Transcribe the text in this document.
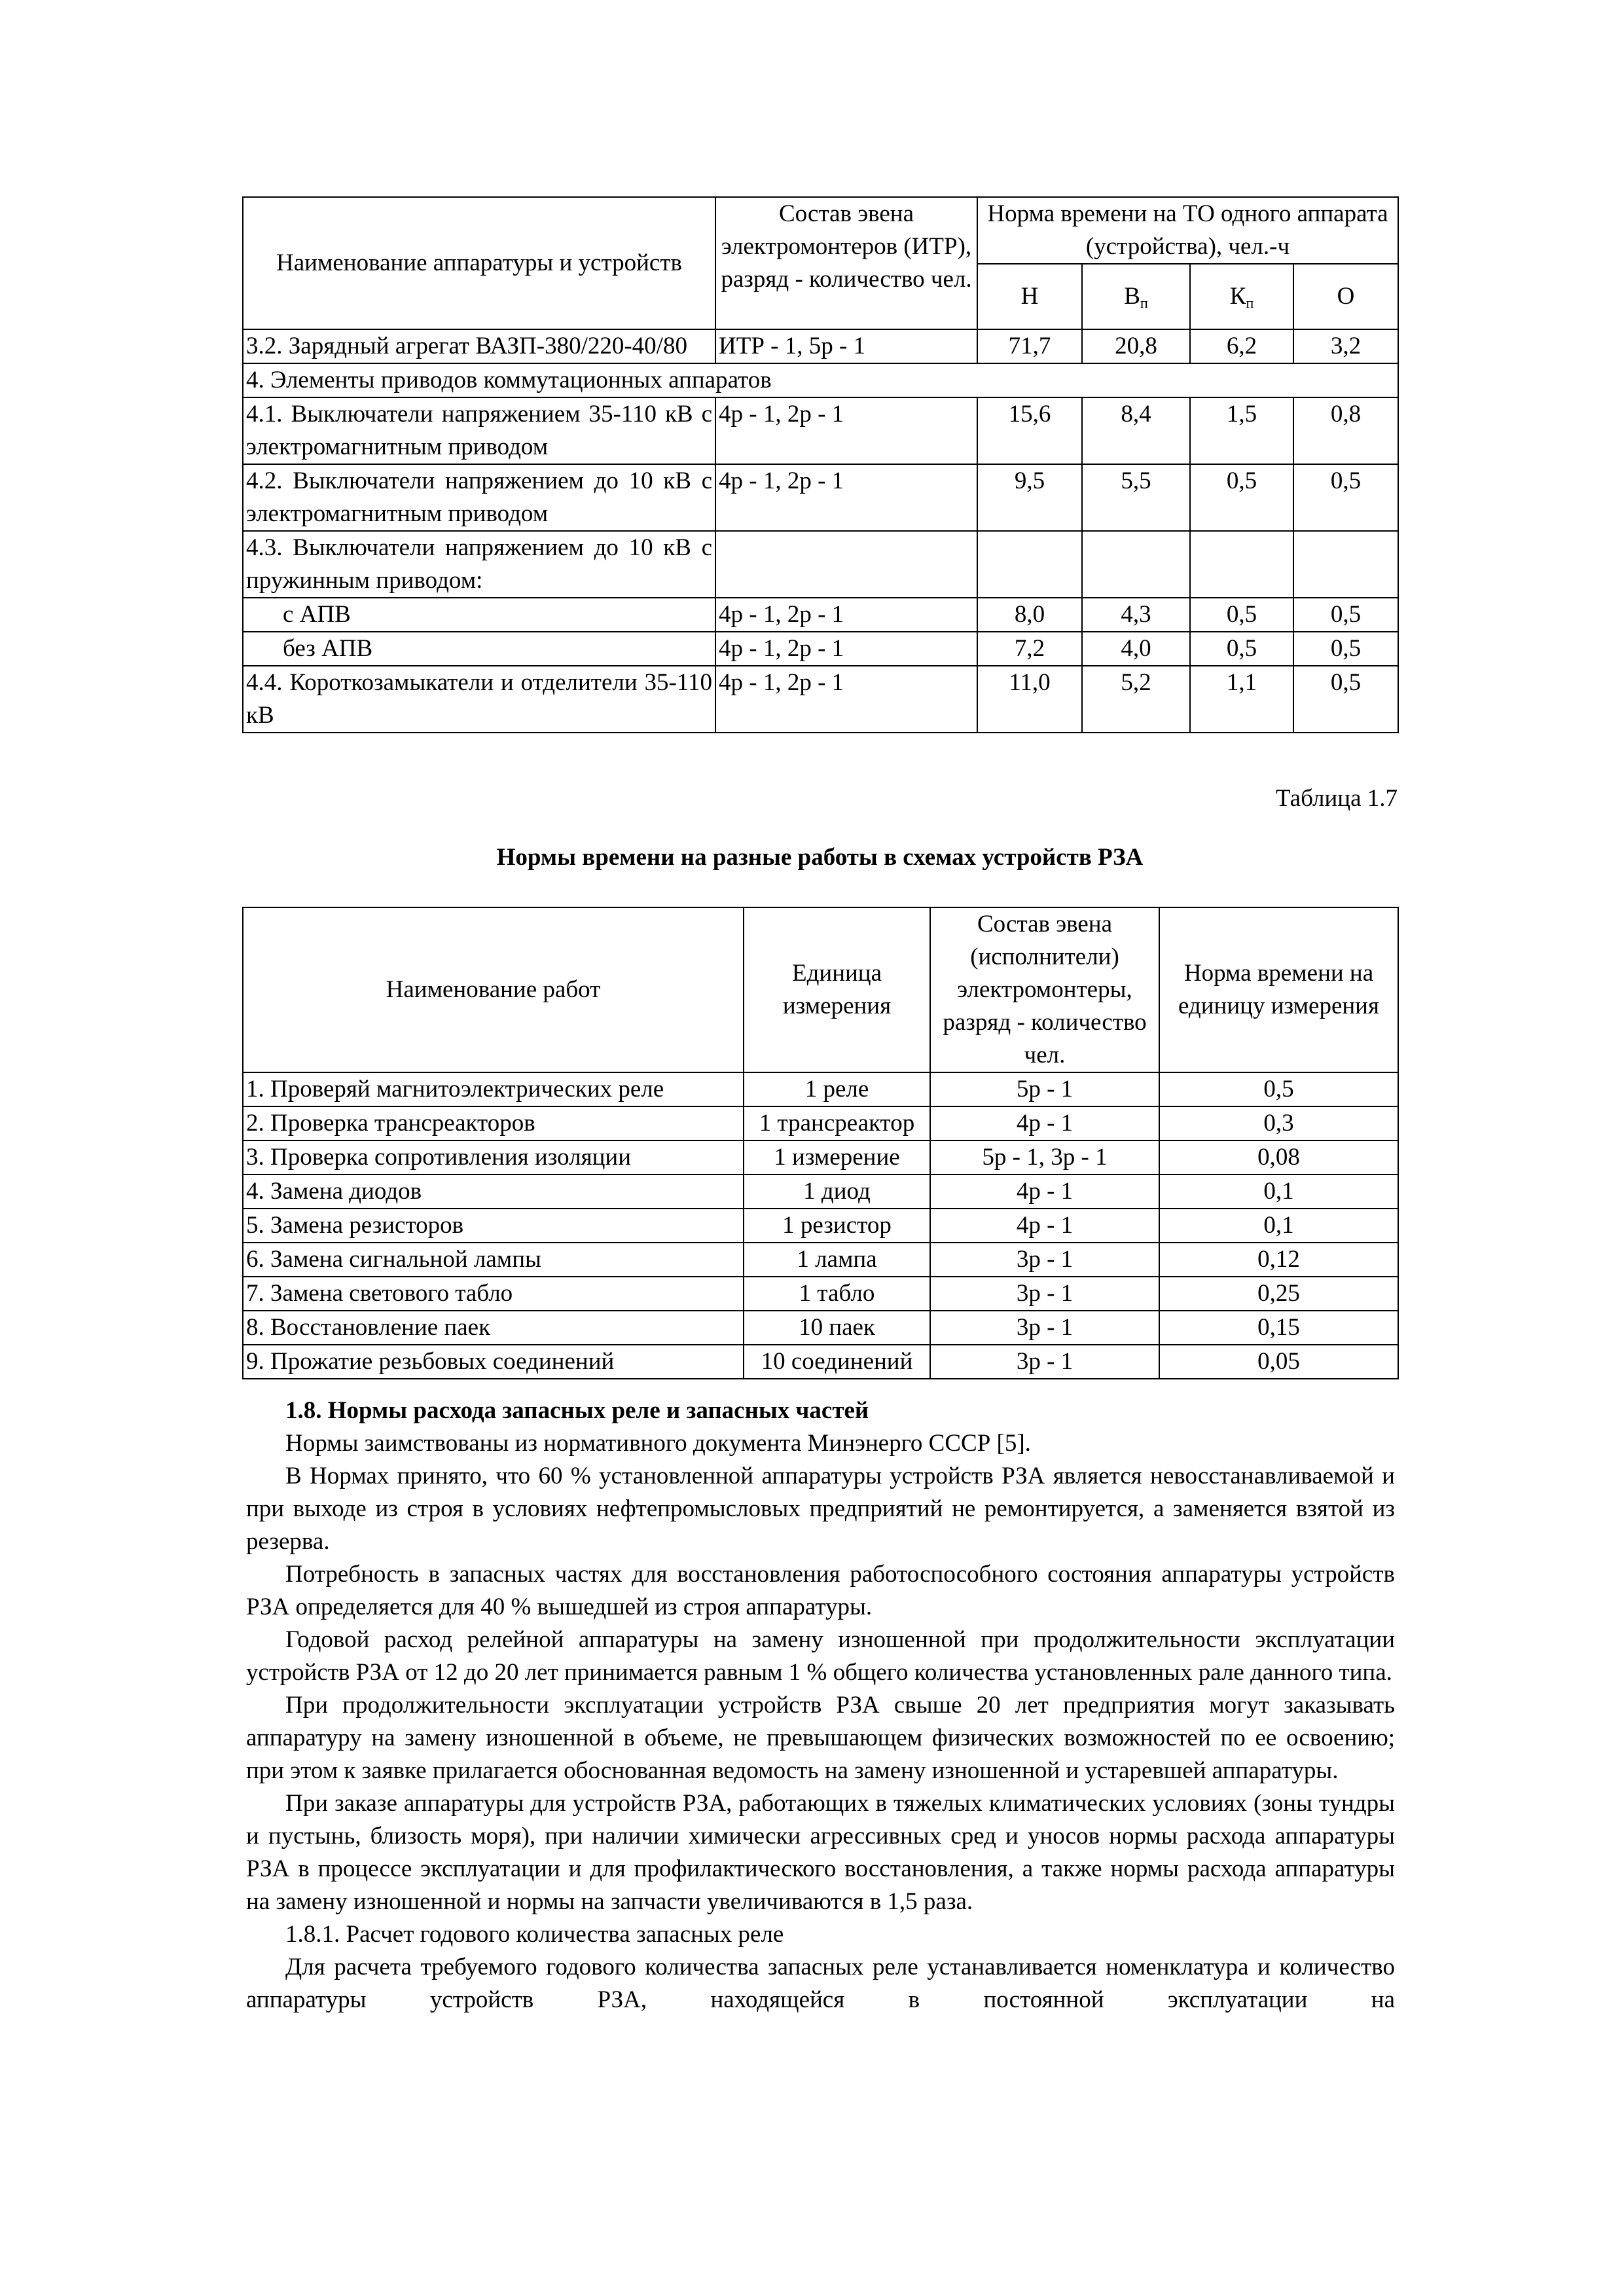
Наименование аппаратуры и устройств	Состав эвена электромонтеров (ИТР), разряд - количество чел.	Норма времени на ТО одного аппарата (устройства), чел.-ч			
		Н	$В_п$	$К_п$	О
3.2. Зарядный агрегат ВАЗП-380/220-40/80	ИТР - 1, 5р - 1	71,7	20,8	6,2	3,2
4. Элементы приводов коммутационных аппаратов					
4.1. Выключатели напряжением 35-110 кВ с электромагнитным приводом	4р - 1, 2р - 1	15,6	8,4	1,5	0,8
4.2. Выключатели напряжением до 10 кВ с электромагнитным приводом	4р - 1, 2р - 1	9,5	5,5	0,5	0,5
4.3. Выключатели напряжением до 10 кВ с пружинным приводом:					
с АПВ	4р - 1, 2р - 1	8,0	4,3	0,5	0,5
без АПВ	4р - 1, 2р - 1	7,2	4,0	0,5	0,5
4.4. Короткозамыкатели и отделители 35-110 кВ	4р - 1, 2р - 1	11,0	5,2	1,1	0,5
Таблица 1.7
Нормы времени на разные работы в схемах устройств РЗА
Наименование работ	Единица измерения	Состав эвена (исполнители) электромонтеры, разряд - количество чел.	Норма времени на единицу измерения
1. Проверяй магнитоэлектрических реле	1 реле	5р - 1	0,5
2. Проверка трансреакторов	1 трансреактор	4р - 1	0,3
3. Проверка сопротивления изоляции	1 измерение	5р - 1, 3р - 1	0,08
4. Замена диодов	1 диод	4р - 1	0,1
5. Замена резисторов	1 резистор	4р - 1	0,1
6. Замена сигнальной лампы	1 лампа	3р - 1	0,12
7. Замена светового табло	1 табло	3р - 1	0,25
8. Восстановление паек	10 паек	3р - 1	0,15
9. Прожатие резьбовых соединений	10 соединений	3р - 1	0,05

1.8. Нормы расхода запасных реле и запасных частей

Нормы заимствованы из нормативного документа Минэнерго СССР [5].

В Нормах принято, что 60 % установленной аппаратуры устройств РЗА является невосстанавливаемой и при выходе из строя в условиях нефтепромысловых предприятий не ремонтируется, а заменяется взятой из резерва.

Потребность в запасных частях для восстановления работоспособного состояния аппаратуры устройств РЗА определяется для 40 % вышедшей из строя аппаратуры.

Годовой расход релейной аппаратуры на замену изношенной при продолжительности эксплуатации устройств РЗА от 12 до 20 лет принимается равным 1 % общего количества установленных рале данного типа.

При продолжительности эксплуатации устройств РЗА свыше 20 лет предприятия могут заказывать аппаратуру на замену изношенной в объеме, не превышающем физических возможностей по ее освоению; при этом к заявке прилагается обоснованная ведомость на замену изношенной и устаревшей аппаратуры.

При заказе аппаратуры для устройств РЗА, работающих в тяжелых климатических условиях (зоны тундры и пустынь, близость моря), при наличии химически агрессивных сред и уносов нормы расхода аппаратуры РЗА в процессе эксплуатации и для профилактического восстановления, а также нормы расхода аппаратуры на замену изношенной и нормы на запчасти увеличиваются в 1,5 раза.

1.8.1. Расчет годового количества запасных реле

Для расчета требуемого годового количества запасных реле устанавливается номенклатура и количество аппаратуры устройств РЗА, находящейся в постоянной эксплуатации на
